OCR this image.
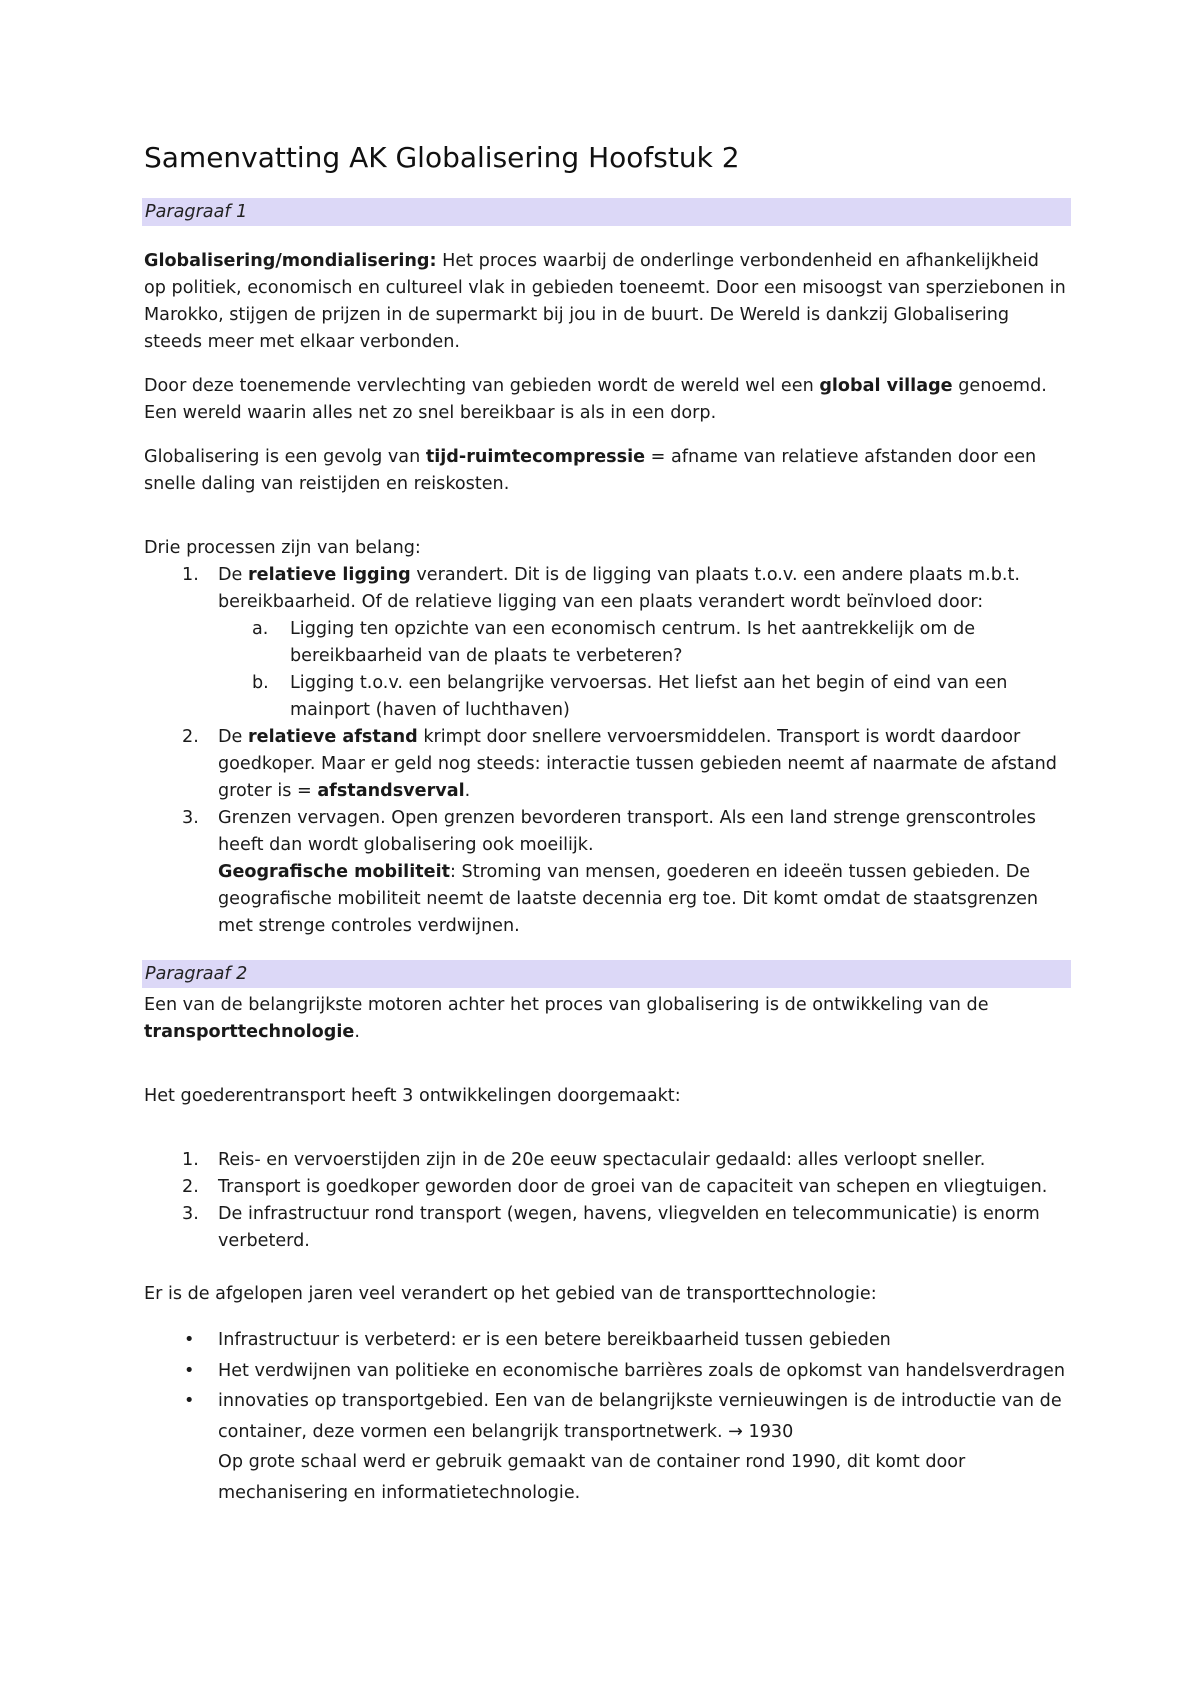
Samenvatting AK Globalisering Hoofstuk 2
Paragraaf 1

Globalisering/mondialisering: Het proces waarbij de onderlinge verbondenheid en afhankelijkheid op politiek, economisch en cultureel vlak in gebieden toeneemt. Door een misoogst van sperziebonen in Marokko, stijgen de prijzen in de supermarkt bij jou in de buurt. De Wereld is dankzij Globalisering steeds meer met elkaar verbonden.

Door deze toenemende vervlechting van gebieden wordt de wereld wel een global village genoemd. Een wereld waarin alles net zo snel bereikbaar is als in een dorp.

Globalisering is een gevolg van tijd-ruimtecompressie = afname van relatieve afstanden door een snelle daling van reistijden en reiskosten.

Drie processen zijn van belang:

1. De relatieve ligging verandert. Dit is de ligging van plaats t.o.v. een andere plaats m.b.t. bereikbaarheid. Of de relatieve ligging van een plaats verandert wordt beïnvloed door:
a. Ligging ten opzichte van een economisch centrum. Is het aantrekkelijk om de bereikbaarheid van de plaats te verbeteren?
b. Ligging t.o.v. een belangrijke vervoersas. Het liefst aan het begin of eind van een mainport (haven of luchthaven)
2. De relatieve afstand krimpt door snellere vervoersmiddelen. Transport is wordt daardoor goedkoper. Maar er geld nog steeds: interactie tussen gebieden neemt af naarmate de afstand groter is = afstandsverval.
3. Grenzen vervagen. Open grenzen bevorderen transport. Als een land strenge grenscontroles heeft dan wordt globalisering ook moeilijk.
Geografische mobiliteit: Stroming van mensen, goederen en ideeën tussen gebieden. De geografische mobiliteit neemt de laatste decennia erg toe. Dit komt omdat de staatsgrenzen met strenge controles verdwijnen.
Paragraaf 2

Een van de belangrijkste motoren achter het proces van globalisering is de ontwikkeling van de transporttechnologie.

Het goederentransport heeft 3 ontwikkelingen doorgemaakt:

1. Reis- en vervoerstijden zijn in de 20e eeuw spectaculair gedaald: alles verloopt sneller.
2. Transport is goedkoper geworden door de groei van de capaciteit van schepen en vliegtuigen.
3. De infrastructuur rond transport (wegen, havens, vliegvelden en telecommunicatie) is enorm verbeterd.

Er is de afgelopen jaren veel verandert op het gebied van de transporttechnologie:

• Infrastructuur is verbeterd: er is een betere bereikbaarheid tussen gebieden
• Het verdwijnen van politieke en economische barrières zoals de opkomst van handelsverdragen
• innovaties op transportgebied. Een van de belangrijkste vernieuwingen is de introductie van de container, deze vormen een belangrijk transportnetwerk. → 1930
Op grote schaal werd er gebruik gemaakt van de container rond 1990, dit komt door mechanisering en informatietechnologie.
